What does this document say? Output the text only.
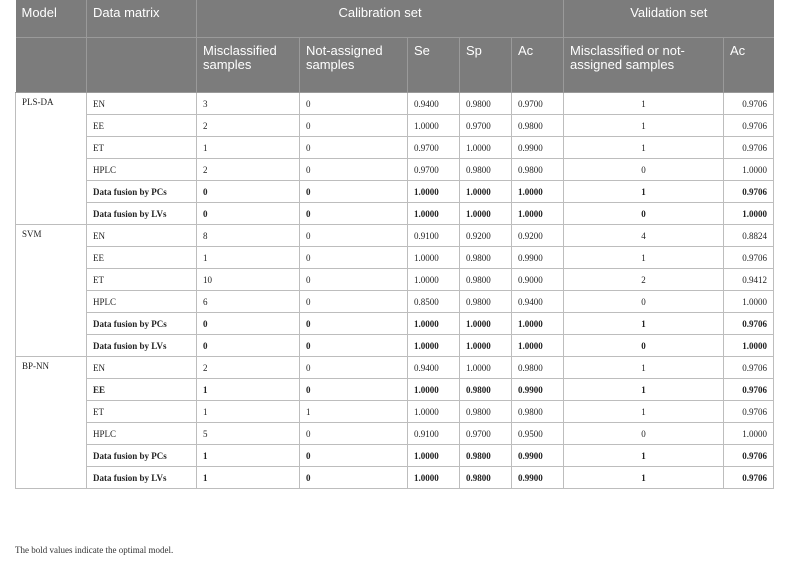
Model	Data matrix	Calibration set					Validation set	
		Misclassified samples	Not-assigned samples	Se	Sp	Ac	Misclassified or not-assigned samples	Ac
PLS-DA	EN	3	0	0.9400	0.9800	0.9700	1	0.9706
	EE	2	0	1.0000	0.9700	0.9800	1	0.9706
	ET	1	0	0.9700	1.0000	0.9900	1	0.9706
	HPLC	2	0	0.9700	0.9800	0.9800	0	1.0000
	Data fusion by PCs	0	0	1.0000	1.0000	1.0000	1	0.9706
	Data fusion by LVs	0	0	1.0000	1.0000	1.0000	0	1.0000
SVM	EN	8	0	0.9100	0.9200	0.9200	4	0.8824
	EE	1	0	1.0000	0.9800	0.9900	1	0.9706
	ET	10	0	1.0000	0.9800	0.9000	2	0.9412
	HPLC	6	0	0.8500	0.9800	0.9400	0	1.0000
	Data fusion by PCs	0	0	1.0000	1.0000	1.0000	1	0.9706
	Data fusion by LVs	0	0	1.0000	1.0000	1.0000	0	1.0000
BP-NN	EN	2	0	0.9400	1.0000	0.9800	1	0.9706
	EE	1	0	1.0000	0.9800	0.9900	1	0.9706
	ET	1	1	1.0000	0.9800	0.9800	1	0.9706
	HPLC	5	0	0.9100	0.9700	0.9500	0	1.0000
	Data fusion by PCs	1	0	1.0000	0.9800	0.9900	1	0.9706
	Data fusion by LVs	1	0	1.0000	0.9800	0.9900	1	0.9706
The bold values indicate the optimal model.
